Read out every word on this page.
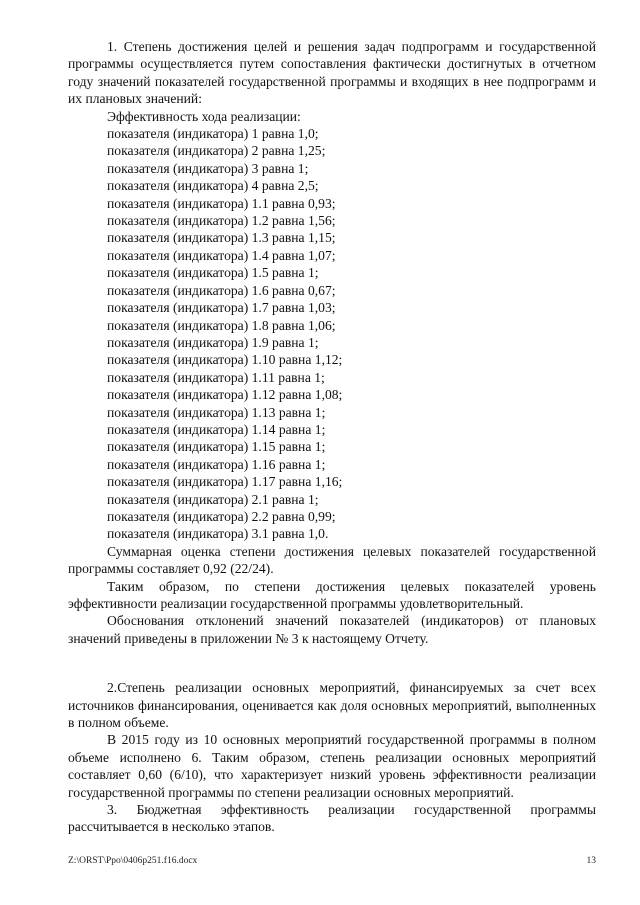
1. Степень достижения целей и решения задач подпрограмм и государственной программы осуществляется путем сопоставления фактически достигнутых в отчетном году значений показателей государственной программы и входящих в нее подпрограмм и их плановых значений:

Эффективность хода реализации:

показателя (индикатора) 1 равна 1,0;
показателя (индикатора) 2 равна 1,25;
показателя (индикатора) 3 равна 1;
показателя (индикатора) 4 равна 2,5;
показателя (индикатора) 1.1 равна 0,93;
показателя (индикатора) 1.2 равна 1,56;
показателя (индикатора) 1.3 равна 1,15;
показателя (индикатора) 1.4 равна 1,07;
показателя (индикатора) 1.5 равна 1;
показателя (индикатора) 1.6 равна 0,67;
показателя (индикатора) 1.7 равна 1,03;
показателя (индикатора) 1.8 равна 1,06;
показателя (индикатора) 1.9 равна 1;
показателя (индикатора) 1.10 равна 1,12;
показателя (индикатора) 1.11 равна 1;
показателя (индикатора) 1.12 равна 1,08;
показателя (индикатора) 1.13 равна 1;
показателя (индикатора) 1.14 равна 1;
показателя (индикатора) 1.15 равна 1;
показателя (индикатора) 1.16 равна 1;
показателя (индикатора) 1.17 равна 1,16;
показателя (индикатора) 2.1 равна 1;
показателя (индикатора) 2.2 равна 0,99;
показателя (индикатора) 3.1 равна 1,0.

Суммарная оценка степени достижения целевых показателей государственной программы составляет 0,92 (22/24).

Таким образом, по степени достижения целевых показателей уровень эффективности реализации государственной программы удовлетворительный.

Обоснования отклонений значений показателей (индикаторов) от плановых значений приведены в приложении № 3 к настоящему Отчету.

2.Степень реализации основных мероприятий, финансируемых за счет всех источников финансирования, оценивается как доля основных мероприятий, выполненных в полном объеме.

В 2015 году из 10 основных мероприятий государственной программы в полном объеме исполнено 6. Таким образом, степень реализации основных мероприятий составляет 0,60 (6/10), что характеризует низкий уровень эффективности реализации государственной программы по степени реализации основных мероприятий.

3. Бюджетная эффективность реализации государственной программы рассчитывается в несколько этапов.

Z:\ORST\Ppo\0406p251.f16.docx	13
